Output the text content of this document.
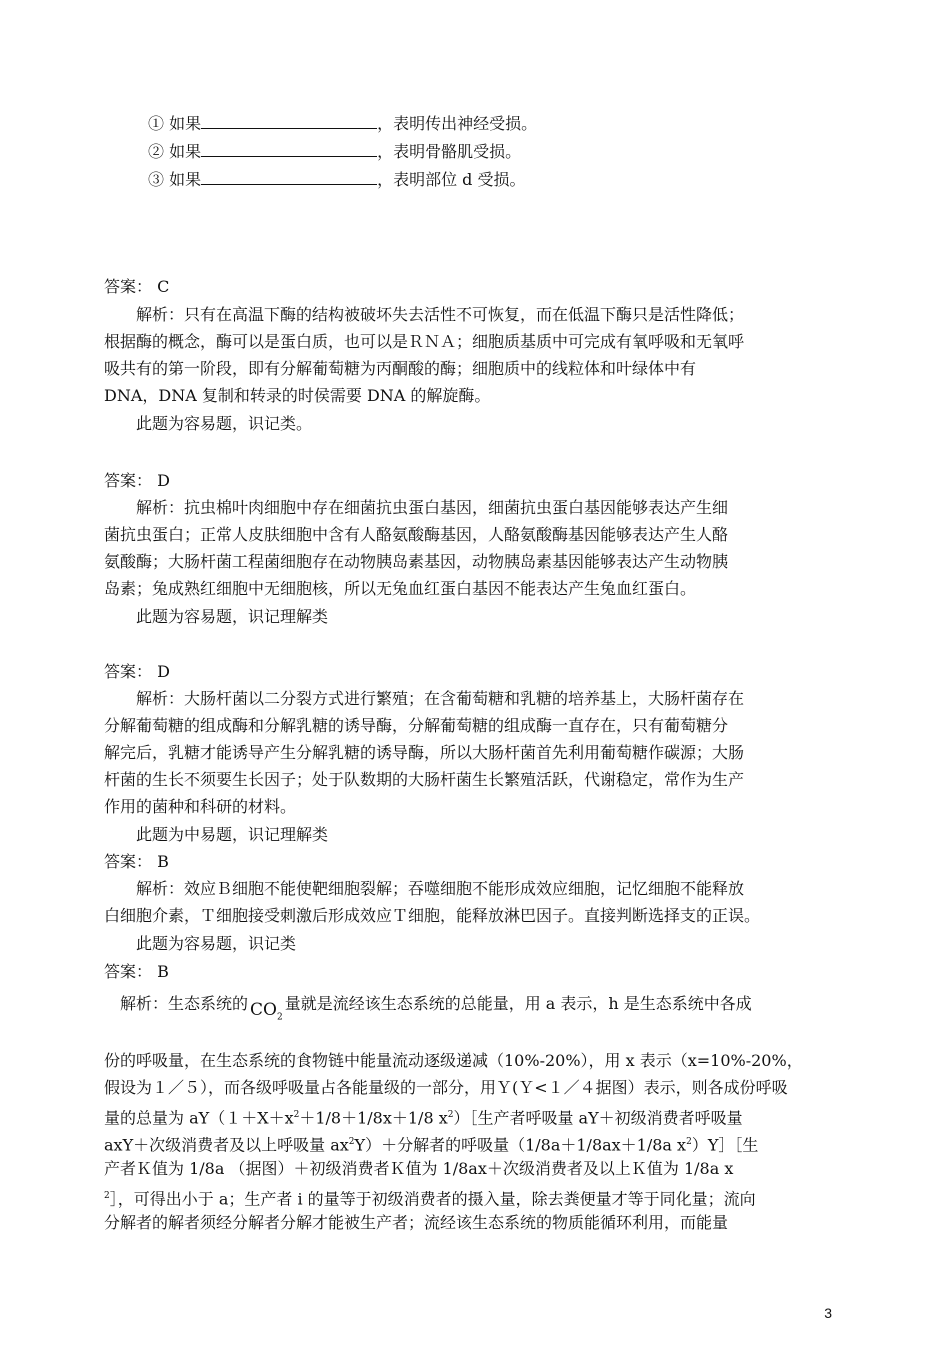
① 如果	，表明传出神经受损。
② 如果	，表明骨骼肌受损。
③ 如果	，表明部位 d 受损。
答案： C
解析：只有在高温下酶的结构被破坏失去活性不可恢复，而在低温下酶只是活性降低；
根据酶的概念，酶可以是蛋白质，也可以是ＲＮＡ；细胞质基质中可完成有氧呼吸和无氧呼
吸共有的第一阶段，即有分解葡萄糖为丙酮酸的酶；细胞质中的线粒体和叶绿体中有
DNA，DNA 复制和转录的时侯需要 DNA 的解旋酶。
此题为容易题，识记类。
答案： D
解析：抗虫棉叶肉细胞中存在细菌抗虫蛋白基因，细菌抗虫蛋白基因能够表达产生细
菌抗虫蛋白；正常人皮肤细胞中含有人酪氨酸酶基因，人酪氨酸酶基因能够表达产生人酪
氨酸酶；大肠杆菌工程菌细胞存在动物胰岛素基因，动物胰岛素基因能够表达产生动物胰
岛素；兔成熟红细胞中无细胞核，所以无兔血红蛋白基因不能表达产生兔血红蛋白。
此题为容易题，识记理解类
答案： D
解析：大肠杆菌以二分裂方式进行繁殖；在含葡萄糖和乳糖的培养基上，大肠杆菌存在
分解葡萄糖的组成酶和分解乳糖的诱导酶，分解葡萄糖的组成酶一直存在，只有葡萄糖分
解完后，乳糖才能诱导产生分解乳糖的诱导酶，所以大肠杆菌首先利用葡萄糖作碳源；大肠
杆菌的生长不须要生长因子；处于队数期的大肠杆菌生长繁殖活跃，代谢稳定，常作为生产
作用的菌种和科研的材料。
此题为中易题，识记理解类
答案： B
解析：效应Ｂ细胞不能使靶细胞裂解；吞噬细胞不能形成效应细胞，记忆细胞不能释放
白细胞介素，Ｔ细胞接受刺激后形成效应Ｔ细胞，能释放淋巴因子。直接判断选择支的正误。
此题为容易题，识记类
答案： B
解析：生态系统的 $CO_2$量就是流经该生态系统的总能量，用 a 表示，h 是生态系统中各成
份的呼吸量，在生态系统的食物链中能量流动逐级递减（10%-20%），用 x 表示（x=10%-20%，
假设为１／５），而各级呼吸量占各能量级的一部分，用Ｙ(Ｙ<１／４据图）表示，则各成份呼吸
量的总量为 $aY(1+X+x^2+1/8+1/8x+1/8$ $x^2)[$生产者呼吸量 aY＋初级消费者呼吸量
axY＋次级消费者及以上呼吸量 $ax^2Y)+$分解者的呼吸量（1/8a＋1/8ax＋1/8a $x^2)Y][$生
产者Ｋ值为 1/8a （据图）＋初级消费者Ｋ值为 1/8ax＋次级消费者及以上Ｋ值为 1/8a x
$^2$］，可得出小于 a；生产者 i 的量等于初级消费者的摄入量，除去粪便量才等于同化量；流向
分解者的解者须经分解者分解才能被生产者；流经该生态系统的物质能循环利用，而能量
3
